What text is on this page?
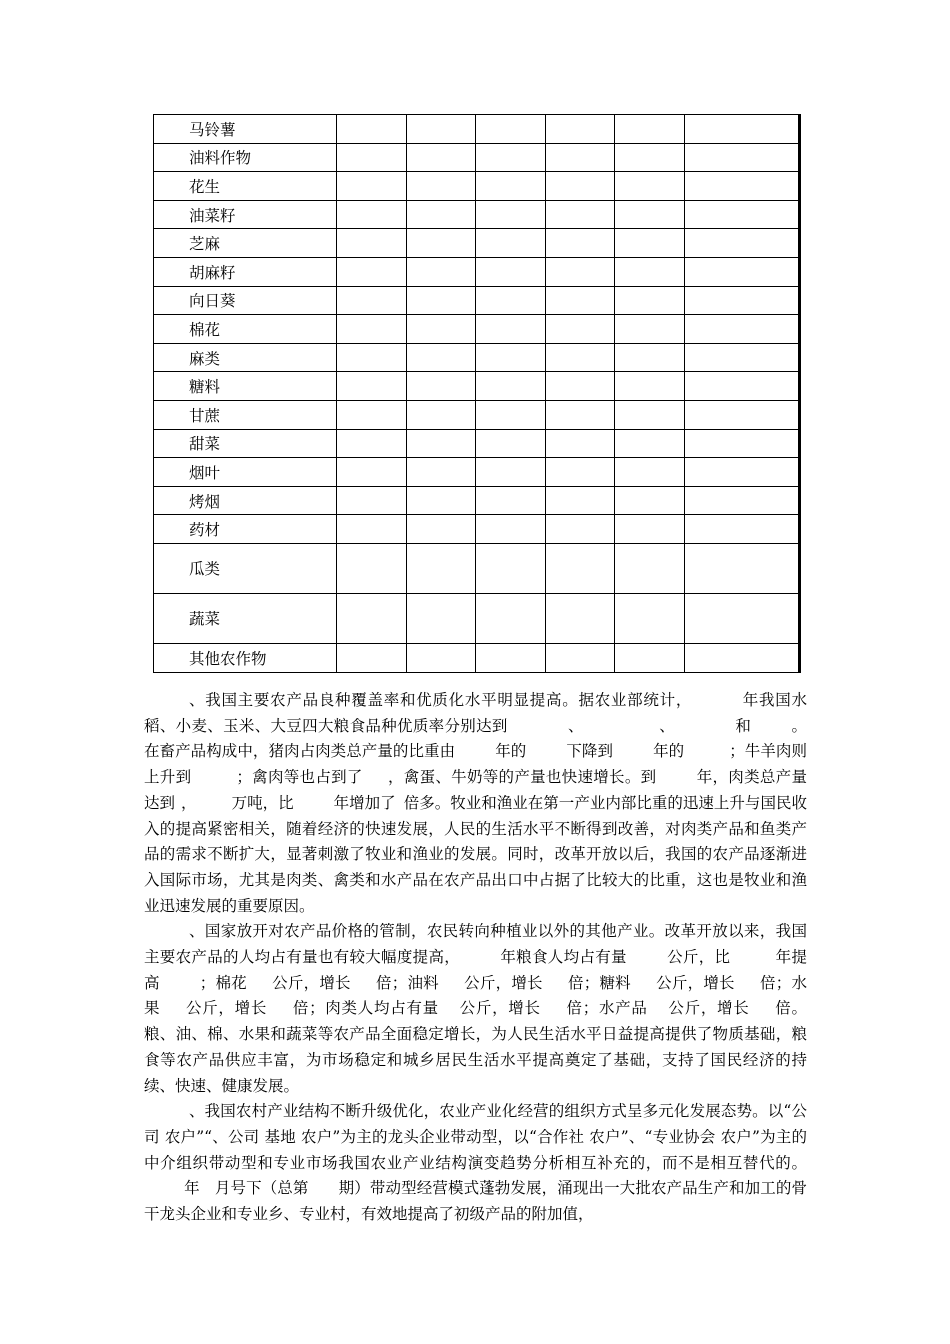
马铃薯						
油料作物						
花生						
油菜籽						
芝麻						
胡麻籽						
向日葵						
棉花						
麻类						
糖料						
甘蔗						
甜菜						
烟叶						
烤烟						
药材						
瓜类						
蔬菜						
其他农作物						

、我国主要农产品良种覆盖率和优质化水平明显提高。据农业部统计，	年我国水稻、小麦、玉米、大豆四大粮食品种优质率分别达到	、	、	和	。在畜产品构成中，猪肉占肉类总产量的比重由	年的	下降到	年的	；牛羊肉则上升到	；禽肉等也占到了 ，禽蛋、牛奶等的产量也快速增长。到	年，肉类总产量达到 ， 万吨，比	年增加了 倍多。牧业和渔业在第一产业内部比重的迅速上升与国民收入的提高紧密相关，随着经济的快速发展，人民的生活水平不断得到改善，对肉类产品和鱼类产品的需求不断扩大，显著刺激了牧业和渔业的发展。同时，改革开放以后，我国的农产品逐渐进入国际市场，尤其是肉类、禽类和水产品在农产品出口中占据了比较大的比重，这也是牧业和渔业迅速发展的重要原因。

、国家放开对农产品价格的管制，农民转向种植业以外的其他产业。改革开放以来，我国主要农产品的人均占有量也有较大幅度提高，	年粮食人均占有量	公斤，比	年提高	；棉花 公斤，增长 倍；油料 公斤，增长 倍；糖料 公斤，增长 倍；水果 公斤，增长 倍；肉类人均占有量 公斤，增长 倍；水产品 公斤，增长 倍。粮、油、棉、水果和蔬菜等农产品全面稳定增长，为人民生活水平日益提高提供了物质基础，粮食等农产品供应丰富，为市场稳定和城乡居民生活水平提高奠定了基础，支持了国民经济的持续、快速、健康发展。

、我国农村产业结构不断升级优化，农业产业化经营的组织方式呈多元化发展态势。以“公司 农户”“、公司 基地 农户”为主的龙头企业带动型，以“合作社 农户”、“专业协会 农户”为主的中介组织带动型和专业市场我国农业产业结构演变趋势分析相互补充的，而不是相互替代的。年 月号下（总第 期）带动型经营模式蓬勃发展，涌现出一大批农产品生产和加工的骨干龙头企业和专业乡、专业村，有效地提高了初级产品的附加值，
